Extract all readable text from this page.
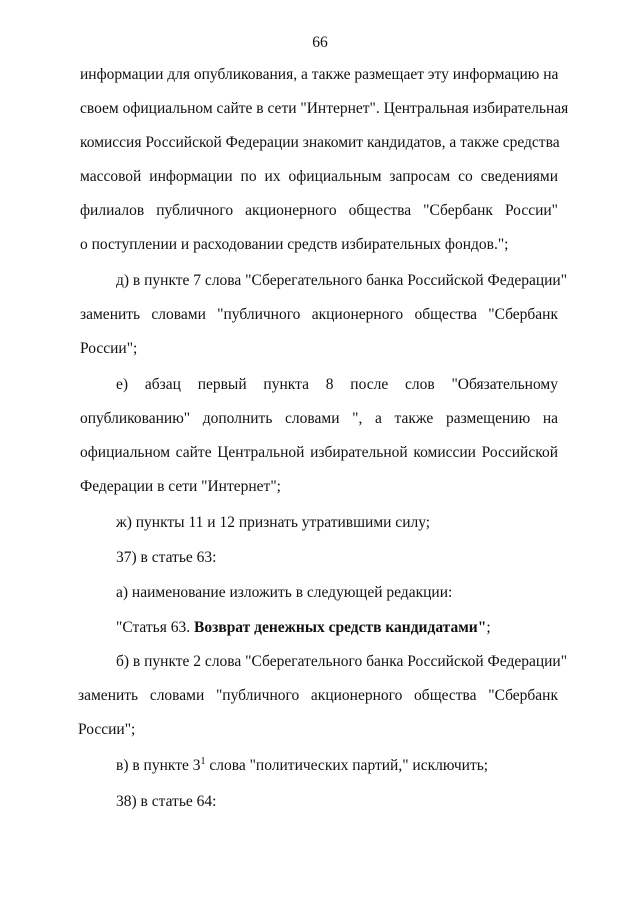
66
информации для опубликования, а также размещает эту информацию на
своем официальном сайте в сети "Интернет". Центральная избирательная
комиссия Российской Федерации знакомит кандидатов, а также средства
массовой информации по их официальным запросам со сведениями
филиалов публичного акционерного общества "Сбербанк России"
о поступлении и расходовании средств избирательных фондов.";
д) в пункте 7 слова "Сберегательного банка Российской Федерации"
заменить словами "публичного акционерного общества "Сбербанк
России";
е) абзац первый пункта 8 после слов "Обязательному
опубликованию" дополнить словами ", а также размещению на
официальном сайте Центральной избирательной комиссии Российской
Федерации в сети "Интернет";
ж) пункты 11 и 12 признать утратившими силу;
37) в статье 63:
а) наименование изложить в следующей редакции:
"Статья 63. Возврат денежных средств кандидатами";
б) в пункте 2 слова "Сберегательного банка Российской Федерации"
заменить словами "публичного акционерного общества "Сбербанк
России";
в) в пункте $3^1$ слова "политических партий," исключить;
38) в статье 64:
